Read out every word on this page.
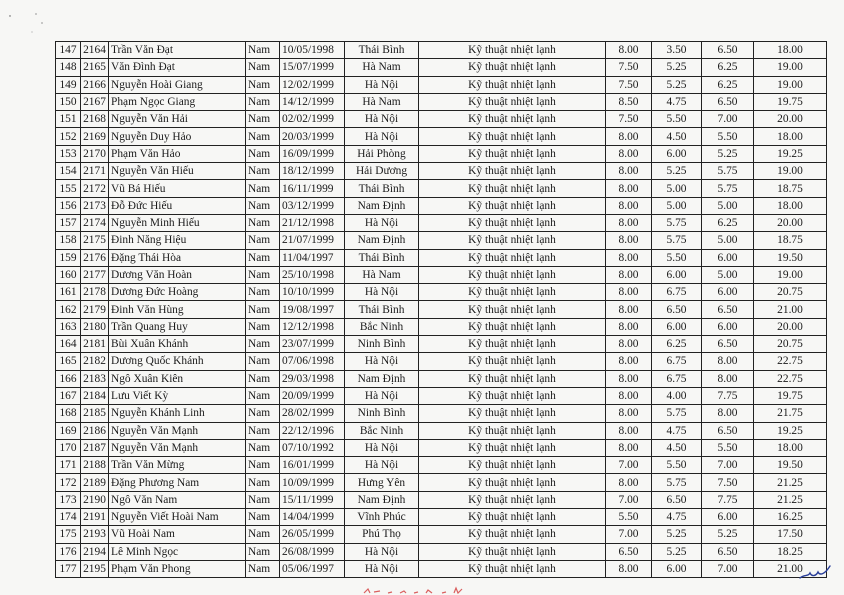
147	2164	Trần Văn Đạt	Nam	10/05/1998	Thái Bình	Kỹ thuật nhiệt lạnh	8.00	3.50	6.50	18.00
148	2165	Văn Đình Đạt	Nam	15/07/1999	Hà Nam	Kỹ thuật nhiệt lạnh	7.50	5.25	6.25	19.00
149	2166	Nguyễn Hoài Giang	Nam	12/02/1999	Hà Nội	Kỹ thuật nhiệt lạnh	7.50	5.25	6.25	19.00
150	2167	Phạm Ngọc Giang	Nam	14/12/1999	Hà Nam	Kỹ thuật nhiệt lạnh	8.50	4.75	6.50	19.75
151	2168	Nguyễn Văn Hải	Nam	02/02/1999	Hà Nội	Kỹ thuật nhiệt lạnh	7.50	5.50	7.00	20.00
152	2169	Nguyễn Duy Hảo	Nam	20/03/1999	Hà Nội	Kỹ thuật nhiệt lạnh	8.00	4.50	5.50	18.00
153	2170	Phạm Văn Hảo	Nam	16/09/1999	Hải Phòng	Kỹ thuật nhiệt lạnh	8.00	6.00	5.25	19.25
154	2171	Nguyễn Văn Hiếu	Nam	18/12/1999	Hải Dương	Kỹ thuật nhiệt lạnh	8.00	5.25	5.75	19.00
155	2172	Vũ Bá Hiếu	Nam	16/11/1999	Thái Bình	Kỹ thuật nhiệt lạnh	8.00	5.00	5.75	18.75
156	2173	Đỗ Đức Hiếu	Nam	03/12/1999	Nam Định	Kỹ thuật nhiệt lạnh	8.00	5.00	5.00	18.00
157	2174	Nguyễn Minh Hiếu	Nam	21/12/1998	Hà Nội	Kỹ thuật nhiệt lạnh	8.00	5.75	6.25	20.00
158	2175	Đinh Năng Hiệu	Nam	21/07/1999	Nam Định	Kỹ thuật nhiệt lạnh	8.00	5.75	5.00	18.75
159	2176	Đặng Thái Hòa	Nam	11/04/1997	Thái Bình	Kỹ thuật nhiệt lạnh	8.00	5.50	6.00	19.50
160	2177	Dương Văn Hoàn	Nam	25/10/1998	Hà Nam	Kỹ thuật nhiệt lạnh	8.00	6.00	5.00	19.00
161	2178	Dương Đức Hoàng	Nam	10/10/1999	Hà Nội	Kỹ thuật nhiệt lạnh	8.00	6.75	6.00	20.75
162	2179	Đinh Văn Hùng	Nam	19/08/1997	Thái Bình	Kỹ thuật nhiệt lạnh	8.00	6.50	6.50	21.00
163	2180	Trần Quang Huy	Nam	12/12/1998	Bắc Ninh	Kỹ thuật nhiệt lạnh	8.00	6.00	6.00	20.00
164	2181	Bùi Xuân Khánh	Nam	23/07/1999	Ninh Bình	Kỹ thuật nhiệt lạnh	8.00	6.25	6.50	20.75
165	2182	Dương Quốc Khánh	Nam	07/06/1998	Hà Nội	Kỹ thuật nhiệt lạnh	8.00	6.75	8.00	22.75
166	2183	Ngô Xuân Kiên	Nam	29/03/1998	Nam Định	Kỹ thuật nhiệt lạnh	8.00	6.75	8.00	22.75
167	2184	Lưu Viết Kỳ	Nam	20/09/1999	Hà Nội	Kỹ thuật nhiệt lạnh	8.00	4.00	7.75	19.75
168	2185	Nguyễn Khánh Linh	Nam	28/02/1999	Ninh Bình	Kỹ thuật nhiệt lạnh	8.00	5.75	8.00	21.75
169	2186	Nguyễn Văn Mạnh	Nam	22/12/1996	Bắc Ninh	Kỹ thuật nhiệt lạnh	8.00	4.75	6.50	19.25
170	2187	Nguyễn Văn Mạnh	Nam	07/10/1992	Hà Nội	Kỹ thuật nhiệt lạnh	8.00	4.50	5.50	18.00
171	2188	Trần Văn Mừng	Nam	16/01/1999	Hà Nội	Kỹ thuật nhiệt lạnh	7.00	5.50	7.00	19.50
172	2189	Đặng Phương Nam	Nam	10/09/1999	Hưng Yên	Kỹ thuật nhiệt lạnh	8.00	5.75	7.50	21.25
173	2190	Ngô Văn Nam	Nam	15/11/1999	Nam Định	Kỹ thuật nhiệt lạnh	7.00	6.50	7.75	21.25
174	2191	Nguyễn Viết Hoài Nam	Nam	14/04/1999	Vĩnh Phúc	Kỹ thuật nhiệt lạnh	5.50	4.75	6.00	16.25
175	2193	Vũ Hoài Nam	Nam	26/05/1999	Phú Thọ	Kỹ thuật nhiệt lạnh	7.00	5.25	5.25	17.50
176	2194	Lê Minh Ngọc	Nam	26/08/1999	Hà Nội	Kỹ thuật nhiệt lạnh	6.50	5.25	6.50	18.25
177	2195	Phạm Văn Phong	Nam	05/06/1997	Hà Nội	Kỹ thuật nhiệt lạnh	8.00	6.00	7.00	21.00
